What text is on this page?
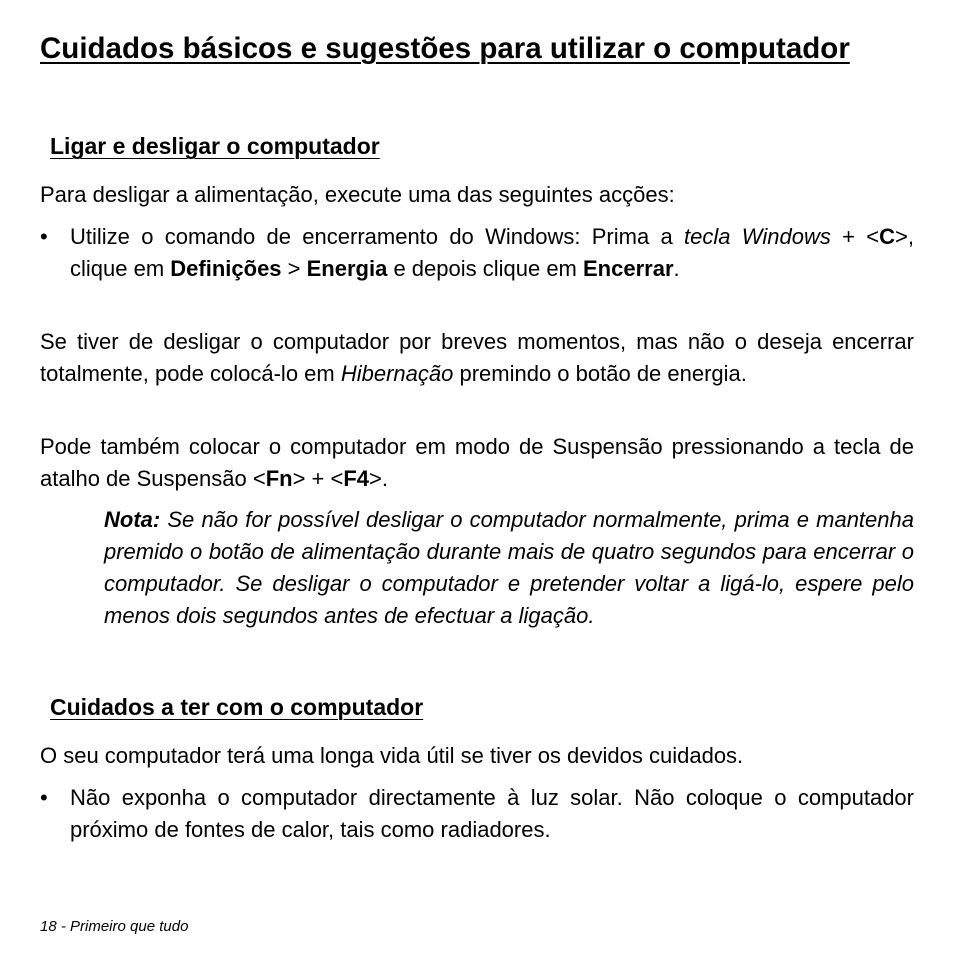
Cuidados básicos e sugestões para utilizar o computador
Ligar e desligar o computador

Para desligar a alimentação, execute uma das seguintes acções:

• Utilize o comando de encerramento do Windows: Prima a tecla Windows + <C>, clique em Definições > Energia e depois clique em Encerrar.

Se tiver de desligar o computador por breves momentos, mas não o deseja encerrar totalmente, pode colocá-lo em Hibernação premindo o botão de energia.

Pode também colocar o computador em modo de Suspensão pressionando a tecla de atalho de Suspensão <Fn> + <F4>.

Nota: Se não for possível desligar o computador normalmente, prima e mantenha premido o botão de alimentação durante mais de quatro segundos para encerrar o computador. Se desligar o computador e pretender voltar a ligá-lo, espere pelo menos dois segundos antes de efectuar a ligação.

Cuidados a ter com o computador

O seu computador terá uma longa vida útil se tiver os devidos cuidados.

• Não exponha o computador directamente à luz solar. Não coloque o computador próximo de fontes de calor, tais como radiadores.

18 - Primeiro que tudo
